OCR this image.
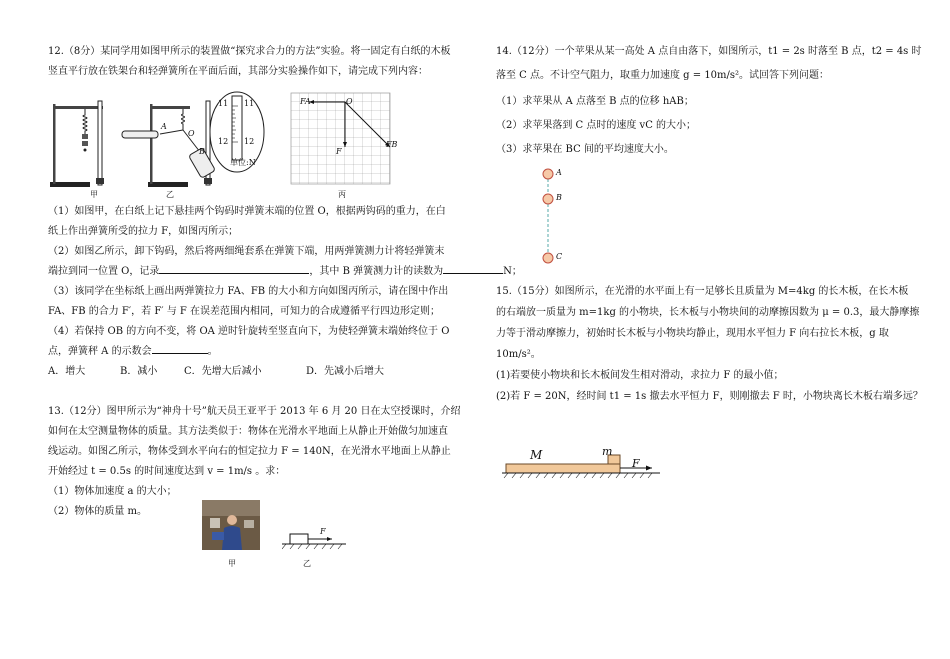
12.（8分）某同学用如图甲所示的装置做“探究求合力的方法”实验。将一固定有白纸的木板
竖直平行放在铁架台和轻弹簧所在平面后面，其部分实验操作如下，请完成下列内容：
甲
A
O
B
乙
11 11
12 12
单位:N
FA	O
FB
F
丙
（1）如图甲，在白纸上记下悬挂两个钩码时弹簧末端的位置 O，根据两钩码的重力，在白
纸上作出弹簧所受的拉力 F，如图丙所示；
（2）如图乙所示，卸下钩码，然后将两细绳套系在弹簧下端，用两弹簧测力计将轻弹簧末
端拉到同一位置 O，记录	，其中 B 弹簧测力计的读数为	N；
（3）该同学在坐标纸上画出两弹簧拉力 FA、FB 的大小和方向如图丙所示，请在图中作出
FA、FB 的合力 F′，若 F′ 与 F 在误差范围内相同，可知力的合成遵循平行四边形定则；
（4）若保持 OB 的方向不变，将 OA 逆时针旋转至竖直向下，为使轻弹簧末端始终位于 O
点，弹簧秤 A 的示数会	。
A．增大	B．减小	C．先增大后减小	D．先减小后增大
13.（12分）图甲所示为“神舟十号”航天员王亚平于 2013 年 6 月 20 日在太空授课时，介绍
如何在太空测量物体的质量。其方法类似于：物体在光滑水平地面上从静止开始做匀加速直
线运动。如图乙所示，物体受到水平向右的恒定拉力 F = 140N，在光滑水平地面上从静止
开始经过 t = 0.5s 的时间速度达到 v = 1m/s 。求：
（1）物体加速度 a 的大小；
（2）物体的质量 m。
甲
F
乙
14.（12分）一个苹果从某一高处 A 点自由落下，如图所示，t1 = 2s 时落至 B 点，t2 = 4s 时
落至 C 点。不计空气阻力，取重力加速度 g = 10m/s²。试回答下列问题：
（1）求苹果从 A 点落至 B 点的位移 hAB；
（2）求苹果落到 C 点时的速度 vC 的大小；
（3）求苹果在 BC 间的平均速度大小。
A
B
C
15.（15分）如图所示，在光滑的水平面上有一足够长且质量为 M=4kg 的长木板，在长木板
的右端放一质量为 m=1kg 的小物块，长木板与小物块间的动摩擦因数为 μ = 0.3，最大静摩擦
力等于滑动摩擦力，初始时长木板与小物块均静止，现用水平恒力 F 向右拉长木板，g 取
10m/s²。
(1)若要使小物块和长木板间发生相对滑动，求拉力 F 的最小值；
(2)若 F = 20N，经时间 t1 = 1s 撤去水平恒力 F，则刚撤去 F 时，小物块离长木板右端多远？
M	m
F
